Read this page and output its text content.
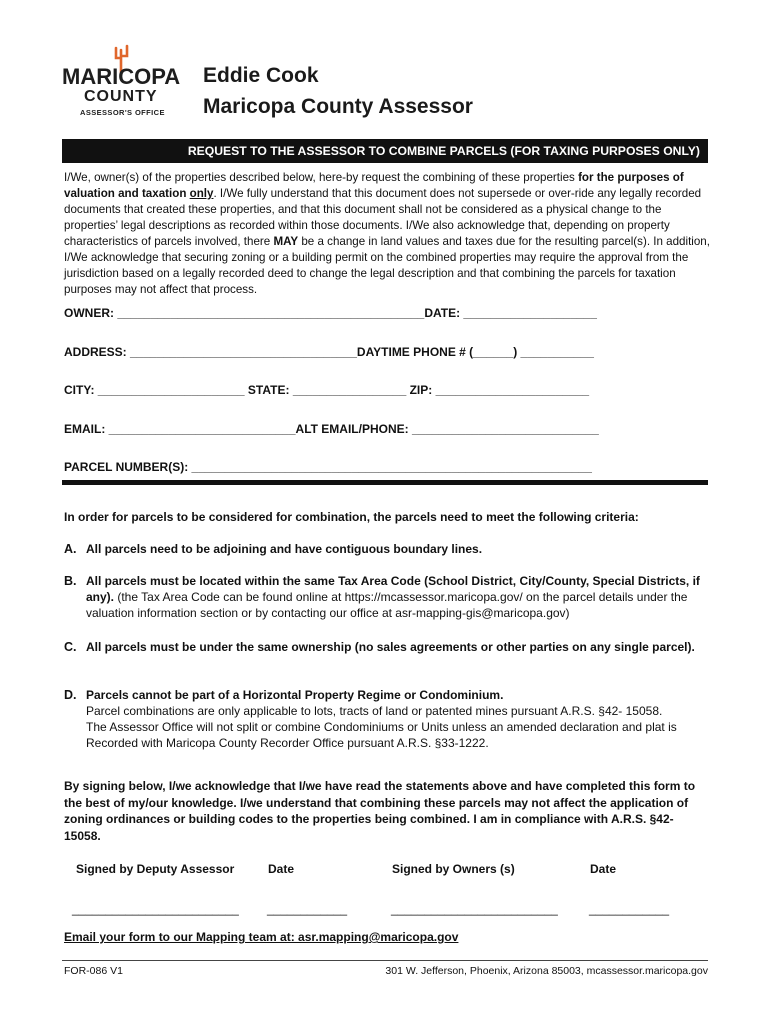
MARICOPA
COUNTY
ASSESSOR'S OFFICE
Eddie Cook
Maricopa County Assessor
REQUEST TO THE ASSESSOR TO COMBINE PARCELS (FOR TAXING PURPOSES ONLY)
I/We, owner(s) of the properties described below, here-by request the combining of these properties for the purposes of valuation and taxation only. I/We fully understand that this document does not supersede or over-ride any legally recorded documents that created these properties, and that this document shall not be considered as a physical change to the properties’ legal descriptions as recorded within those documents. I/We also acknowledge that, depending on property characteristics of parcels involved, there MAY be a change in land values and taxes due for the resulting parcel(s). In addition, I/We acknowledge that securing zoning or a building permit on the combined properties may require the approval from the jurisdiction based on a legally recorded deed to change the legal description and that combining the parcels for taxation purposes may not affect that process.
OWNER: ______________________________________________DATE: ____________________
ADDRESS: __________________________________DAYTIME PHONE # (______) ___________
CITY: ______________________ STATE: _________________ ZIP: _______________________
EMAIL: ____________________________ALT EMAIL/PHONE: ____________________________
PARCEL NUMBER(S): ____________________________________________________________
In order for parcels to be considered for combination, the parcels need to meet the following criteria:
A. All parcels need to be adjoining and have contiguous boundary lines.
B. All parcels must be located within the same Tax Area Code (School District, City/County, Special Districts, if any). (the Tax Area Code can be found online at https://mcassessor.maricopa.gov/ on the parcel details under the valuation information section or by contacting our office at asr-mapping-gis@maricopa.gov)
C. All parcels must be under the same ownership (no sales agreements or other parties on any single parcel).
D. Parcels cannot be part of a Horizontal Property Regime or Condominium.
Parcel combinations are only applicable to lots, tracts of land or patented mines pursuant A.R.S. §42- 15058.
The Assessor Office will not split or combine Condominiums or Units unless an amended declaration and plat is
Recorded with Maricopa County Recorder Office pursuant A.R.S. §33-1222.
By signing below, I/we acknowledge that I/we have read the statements above and have completed this form to the best of my/our knowledge. I/we understand that combining these parcels may not affect the application of zoning ordinances or building codes to the properties being combined. I am in compliance with A.R.S. §42-15058.
Signed by Deputy Assessor	Date	Signed by Owners (s)	Date
_________________________ ____________	_________________________	____________
Email your form to our Mapping team at: asr.mapping@maricopa.gov
FOR-086 V1	301 W. Jefferson, Phoenix, Arizona 85003, mcassessor.maricopa.gov
